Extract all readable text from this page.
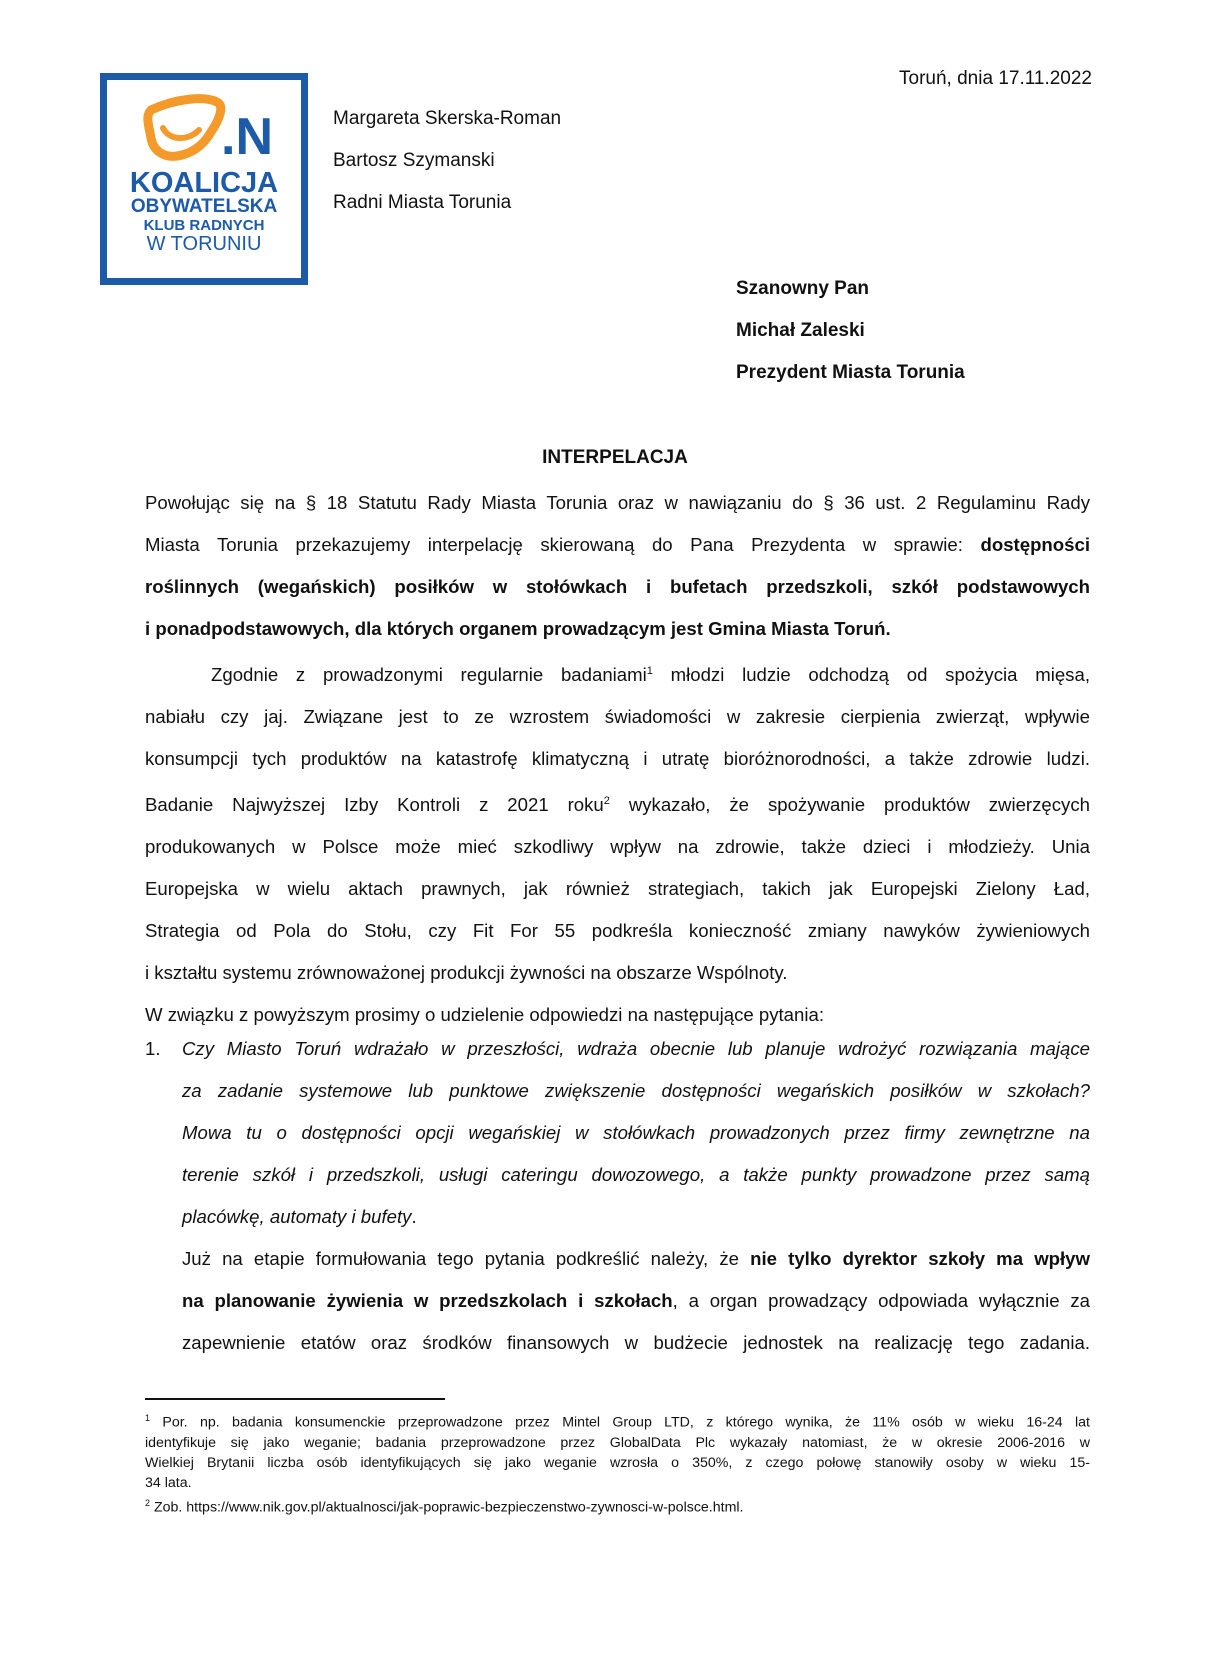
.N
KOALICJA
OBYWATELSKA
KLUB RADNYCH
W TORUNIU
Toruń, dnia 17.11.2022
Margareta Skerska-Roman
Bartosz Szymanski
Radni Miasta Torunia
Szanowny Pan
Michał Zaleski
Prezydent Miasta Torunia
INTERPELACJA
Powołując się na § 18 Statutu Rady Miasta Torunia oraz w nawiązaniu do § 36 ust. 2 Regulaminu Rady
Miasta Torunia przekazujemy interpelację skierowaną do Pana Prezydenta w sprawie: dostępności
roślinnych (wegańskich) posiłków w stołówkach i bufetach przedszkoli, szkół podstawowych
i ponadpodstawowych, dla których organem prowadzącym jest Gmina Miasta Toruń.
Zgodnie z prowadzonymi regularnie badaniami$^1$ młodzi ludzie odchodzą od spożycia mięsa,
nabiału czy jaj. Związane jest to ze wzrostem świadomości w zakresie cierpienia zwierząt, wpływie
konsumpcji tych produktów na katastrofę klimatyczną i utratę bioróżnorodności, a także zdrowie ludzi.
Badanie Najwyższej Izby Kontroli z 2021 roku$^2$ wykazało, że spożywanie produktów zwierzęcych
produkowanych w Polsce może mieć szkodliwy wpływ na zdrowie, także dzieci i młodzieży. Unia
Europejska w wielu aktach prawnych, jak również strategiach, takich jak Europejski Zielony Ład,
Strategia od Pola do Stołu, czy Fit For 55 podkreśla konieczność zmiany nawyków żywieniowych
i kształtu systemu zrównoważonej produkcji żywności na obszarze Wspólnoty.
W związku z powyższym prosimy o udzielenie odpowiedzi na następujące pytania:
1. Czy Miasto Toruń wdrażało w przeszłości, wdraża obecnie lub planuje wdrożyć rozwiązania mające
za zadanie systemowe lub punktowe zwiększenie dostępności wegańskich posiłków w szkołach?
Mowa tu o dostępności opcji wegańskiej w stołówkach prowadzonych przez firmy zewnętrzne na
terenie szkół i przedszkoli, usługi cateringu dowozowego, a także punkty prowadzone przez samą
placówkę, automaty i bufety.
Już na etapie formułowania tego pytania podkreślić należy, że nie tylko dyrektor szkoły ma wpływ
na planowanie żywienia w przedszkolach i szkołach, a organ prowadzący odpowiada wyłącznie za
zapewnienie etatów oraz środków finansowych w budżecie jednostek na realizację tego zadania.
$^1$ Por. np. badania konsumenckie przeprowadzone przez Mintel Group LTD, z którego wynika, że 11% osób w wieku 16-24 lat
identyfikuje się jako weganie; badania przeprowadzone przez GlobalData Plc wykazały natomiast, że w okresie 2006-2016 w
Wielkiej Brytanii liczba osób identyfikujących się jako weganie wzrosła o 350%, z czego połowę stanowiły osoby w wieku 15-
34 lata.
$^2$ Zob. https://www.nik.gov.pl/aktualnosci/jak-poprawic-bezpieczenstwo-zywnosci-w-polsce.html.
